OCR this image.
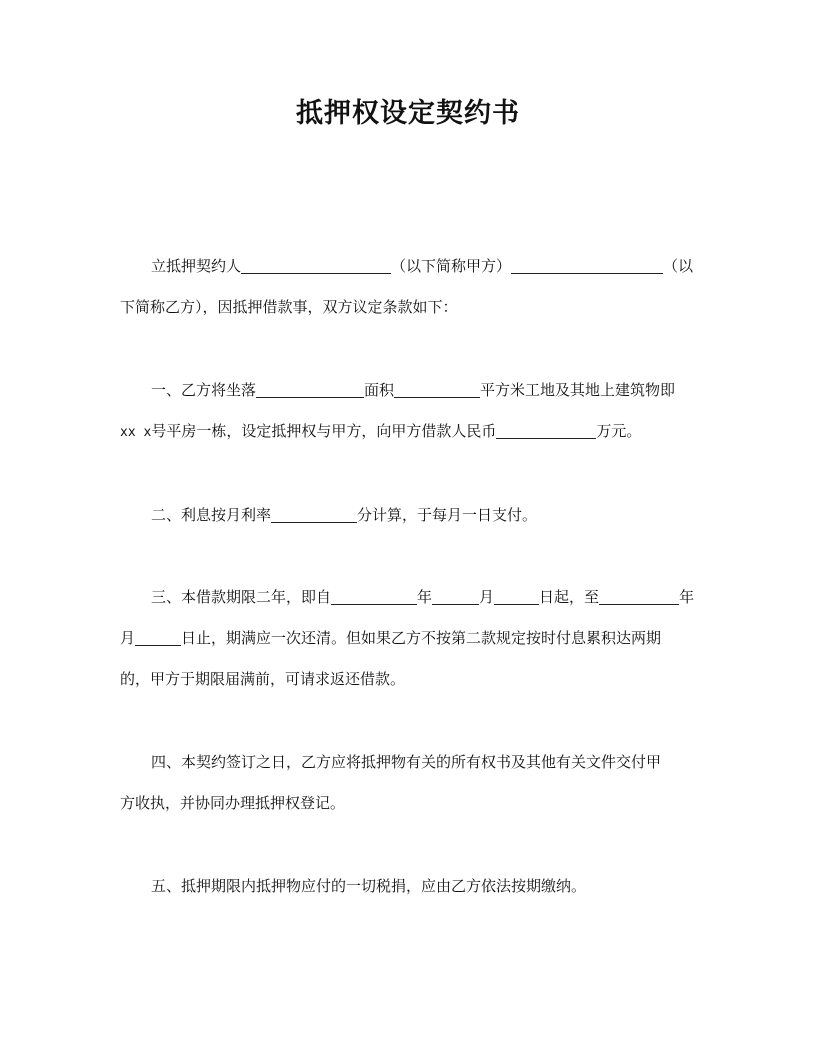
抵押权设定契约书
立抵押契约人	（以下简称甲方）	（以
下简称乙方），因抵押借款事，双方议定条款如下：
一、乙方将坐落	面积	平方米工地及其地上建筑物即
xx x号平房一栋，设定抵押权与甲方，向甲方借款人民币	万元。
二、利息按月利率	分计算，于每月一日支付。
三、本借款期限二年，即自	年	月	日起，至	年
月	日止，期满应一次还清。但如果乙方不按第二款规定按时付息累积达两期
的，甲方于期限届满前，可请求返还借款。
四、本契约签订之日，乙方应将抵押物有关的所有权书及其他有关文件交付甲
方收执，并协同办理抵押权登记。
五、抵押期限内抵押物应付的一切税捐，应由乙方依法按期缴纳。
